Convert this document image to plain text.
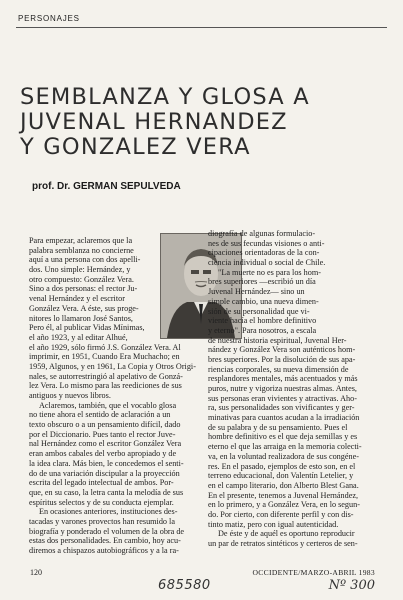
PERSONAJES
SEMBLANZA Y GLOSA A
JUVENAL HERNANDEZ
Y GONZALEZ VERA
prof. Dr. GERMAN SEPULVEDA
Para empezar, aclaremos que la
palabra semblanza no concierne
aquí a una persona con dos apelli-
dos. Uno simple: Hernández, y
otro compuesto: González Vera.
Sino a dos personas: el rector Ju-
venal Hernández y el escritor
González Vera. A éste, sus proge-
nitores lo llamaron José Santos,
Pero él, al publicar Vidas Mínimas,
el año 1923, y al editar Alhué,
el año 1929, sólo firmó J.S. González Vera. Al
imprimir, en 1951, Cuando Era Muchacho; en
1959, Algunos, y en 1961, La Copia y Otros Origi-
nales, se autorrestringió al apelativo de Gonzá-
lez Vera. Lo mismo para las reediciones de sus
antiguos y nuevos libros.
Aclaremos, también, que el vocablo glosa
no tiene ahora el sentido de aclaración a un
texto obscuro o a un pensamiento difícil, dado
por el Diccionario. Pues tanto el rector Juve-
nal Hernández como el escritor González Vera
eran ambos cabales del verbo apropiado y de
la idea clara. Más bien, le concedemos el senti-
do de una variación discipular a la proyección
escrita del legado intelectual de ambos. Por-
que, en su caso, la letra canta la melodía de sus
espíritus selectos y de su conducta ejemplar.
En ocasiones anteriores, instituciones des-
tacadas y varones provectos han resumido la
biografía y ponderado el volumen de la obra de
estas dos personalidades. En cambio, hoy acu-
diremos a chispazos autobiográficos y a la ra-
diografía de algunas formulacio-
nes de sus fecundas visiones o anti-
cipaciones orientadoras de la con-
ciencia individual o social de Chile.
"La muerte no es para los hom-
bres superiores —escribió un día
Juvenal Hernández— sino un
simple cambio, una nueva dimen-
sión de su personalidad que vi-
viente hacía el hombre definitivo
y eterno". Para nosotros, a escala
de nuestra historia espiritual, Juvenal Her-
nández y González Vera son auténticos hom-
bres superiores. Por la disolución de sus apa-
riencias corporales, su nueva dimensión de
resplandores mentales, más acentuados y más
puros, nutre y vigoriza nuestras almas. Antes,
sus personas eran vivientes y atractivas. Aho-
ra, sus personalidades son vivificantes y ger-
minativas para cuantos acudan a la irradiación
de su palabra y de su pensamiento. Pues el
hombre definitivo es el que deja semillas y es
eterno el que las arraiga en la memoria colecti-
va, en la voluntad realizadora de sus congéne-
res. En el pasado, ejemplos de esto son, en el
terreno educacional, don Valentín Letelier, y
en el campo literario, don Alberto Blest Gana.
En el presente, tenemos a Juvenal Hernández,
en lo primero, y a González Vera, en lo segun-
do. Por cierto, con diferente perfil y con dis-
tinto matiz, pero con igual autenticidad.
De éste y de aquél es oportuno reproducir
un par de retratos sintéticos y certeros de sen-
120	OCCIDENTE/MARZO-ABRIL 1983
685580	Nº 300
